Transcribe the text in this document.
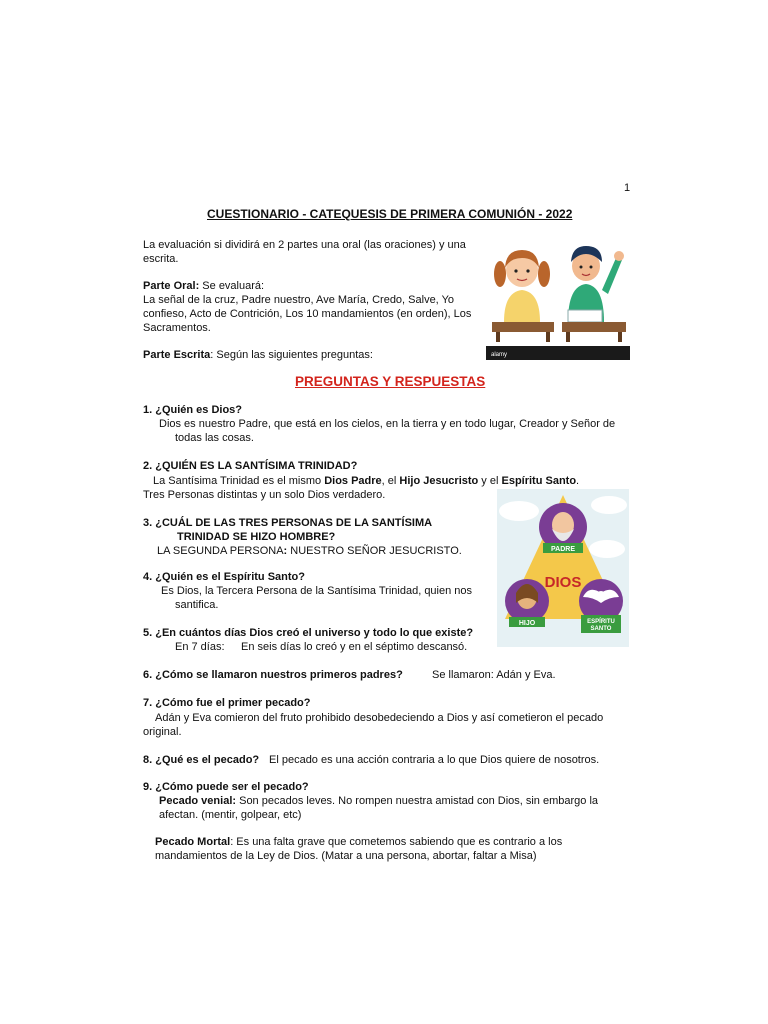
1
CUESTIONARIO - CATEQUESIS DE PRIMERA COMUNIÓN - 2022
La evaluación si dividirá en 2 partes una oral (las oraciones) y una
escrita.
Parte Oral: Se evaluará:
La señal de la cruz, Padre nuestro, Ave María, Credo, Salve, Yo
confieso, Acto de Contrición, Los 10 mandamientos (en orden), Los
Sacramentos.
Parte Escrita: Según las siguientes preguntas:	alamy
PREGUNTAS Y RESPUESTAS
1. ¿Quién es Dios?
Dios es nuestro Padre, que está en los cielos, en la tierra y en todo lugar, Creador y Señor de
todas las cosas.
2. ¿QUIÉN ES LA SANTÍSIMA TRINIDAD?
La Santísima Trinidad es el mismo Dios Padre, el Hijo Jesucristo y el Espíritu Santo.
Tres Personas distintas y un solo Dios verdadero.
3. ¿CUÁL DE LAS TRES PERSONAS DE LA SANTÍSIMA
TRINIDAD SE HIZO HOMBRE?
LA SEGUNDA PERSONA: NUESTRO SEÑOR JESUCRISTO.	PADRE
DIOS
HIJO	ESPÍRITU
SANTO
4. ¿Quién es el Espíritu Santo?
Es Dios, la Tercera Persona de la Santísima Trinidad, quien nos
santifica.
5. ¿En cuántos días Dios creó el universo y todo lo que existe?
En 7 días: En seis días lo creó y en el séptimo descansó.
6. ¿Cómo se llamaron nuestros primeros padres?	Se llamaron: Adán y Eva.
7. ¿Cómo fue el primer pecado?
Adán y Eva comieron del fruto prohibido desobedeciendo a Dios y así cometieron el pecado
original.
8. ¿Qué es el pecado? El pecado es una acción contraria a lo que Dios quiere de nosotros.
9. ¿Cómo puede ser el pecado?
Pecado venial: Son pecados leves. No rompen nuestra amistad con Dios, sin embargo la
afectan. (mentir, golpear, etc)
Pecado Mortal: Es una falta grave que cometemos sabiendo que es contrario a los
mandamientos de la Ley de Dios. (Matar a una persona, abortar, faltar a Misa)
